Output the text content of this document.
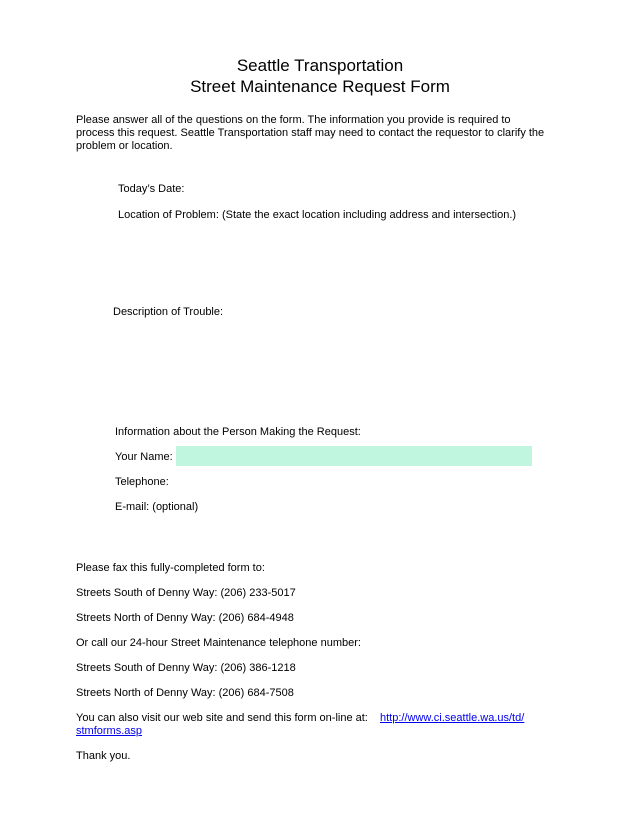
Seattle Transportation
Street Maintenance Request Form
Please answer all of the questions on the form. The information you provide is required to process this request. Seattle Transportation staff may need to contact the requestor to clarify the problem or location.
Today’s Date:
Location of Problem: (State the exact location including address and intersection.)
Description of Trouble:
Information about the Person Making the Request:
Your Name:
Telephone:
E-mail: (optional)
Please fax this fully-completed form to:
Streets South of Denny Way: (206) 233-5017
Streets North of Denny Way: (206) 684-4948
Or call our 24-hour Street Maintenance telephone number:
Streets South of Denny Way: (206) 386-1218
Streets North of Denny Way: (206) 684-7508
You can also visit our web site and send this form on-line at: http://www.ci.seattle.wa.us/td/
stmforms.asp
Thank you.
